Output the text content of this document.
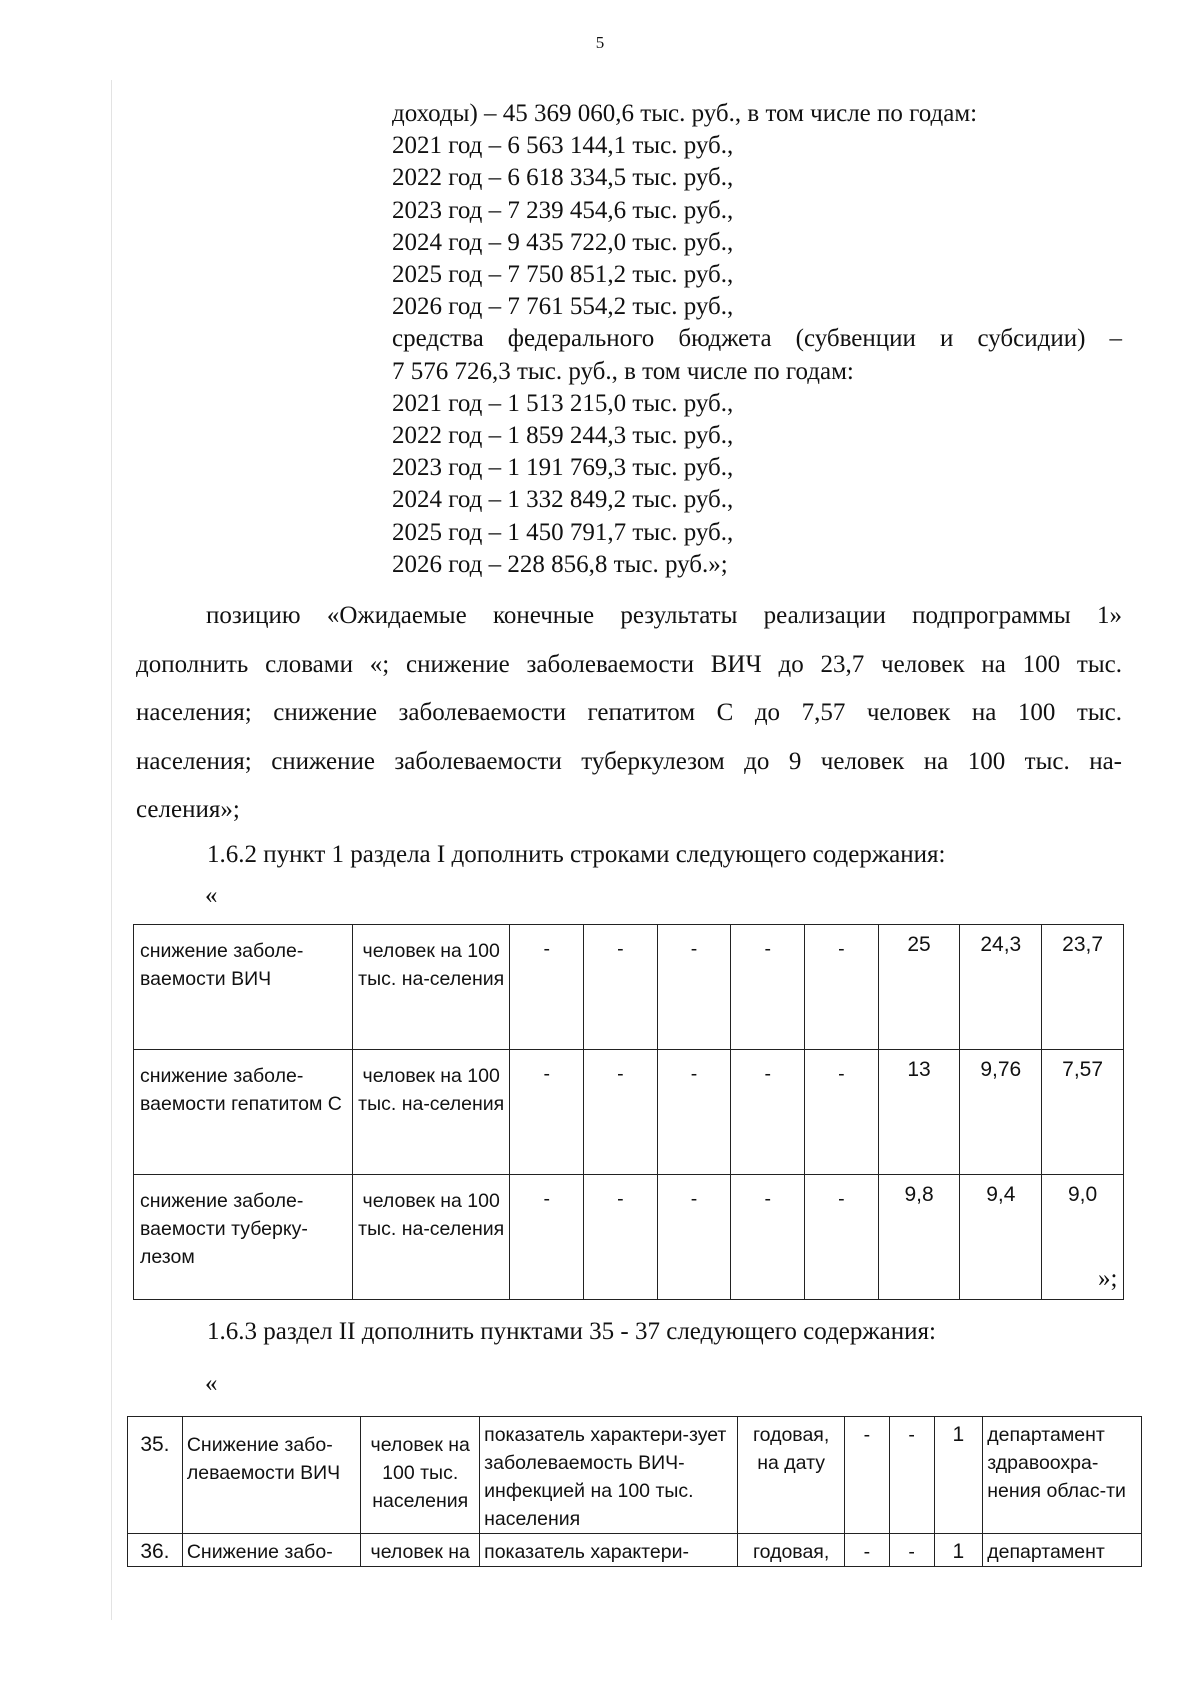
5
доходы) – 45 369 060,6 тыс. руб., в том числе по годам:
2021 год – 6 563 144,1 тыс. руб.,
2022 год – 6 618 334,5 тыс. руб.,
2023 год – 7 239 454,6 тыс. руб.,
2024 год – 9 435 722,0 тыс. руб.,
2025 год – 7 750 851,2 тыс. руб.,
2026 год – 7 761 554,2 тыс. руб.,
средства федерального бюджета (субвенции и субсидии) –
7 576 726,3 тыс. руб., в том числе по годам:
2021 год – 1 513 215,0 тыс. руб.,
2022 год – 1 859 244,3 тыс. руб.,
2023 год – 1 191 769,3 тыс. руб.,
2024 год – 1 332 849,2 тыс. руб.,
2025 год – 1 450 791,7 тыс. руб.,
2026 год – 228 856,8 тыс. руб.»;
позицию «Ожидаемые конечные результаты реализации подпрограммы 1»
дополнить словами «; снижение заболеваемости ВИЧ до 23,7 человек на 100 тыс.
населения; снижение заболеваемости гепатитом С до 7,57 человек на 100 тыс.
населения; снижение заболеваемости туберкулезом до 9 человек на 100 тыс. на-
селения»;
1.6.2 пункт 1 раздела I дополнить строками следующего содержания:
«
снижение заболе-ваемости ВИЧ	человек на 100 тыс. на-селения	-	-	-	-	-	25	24,3	23,7
снижение заболе-ваемости гепатитом С	человек на 100 тыс. на-селения	-	-	-	-	-	13	9,76	7,57
снижение заболе-ваемости туберку-лезом	человек на 100 тыс. на-селения	-	-	-	-	-	9,8	9,4	9,0
»;
1.6.3 раздел II дополнить пунктами 35 - 37 следующего содержания:
«
35.	Снижение забо-леваемости ВИЧ	человек на 100 тыс. населения	показатель характери-зует заболеваемость ВИЧ-инфекцией на 100 тыс. населения	годовая, на дату	-	-	1	департамент здравоохра-нения облас-ти
36.	Снижение забо-	человек на	показатель характери-	годовая,	-	-	1	департамент
